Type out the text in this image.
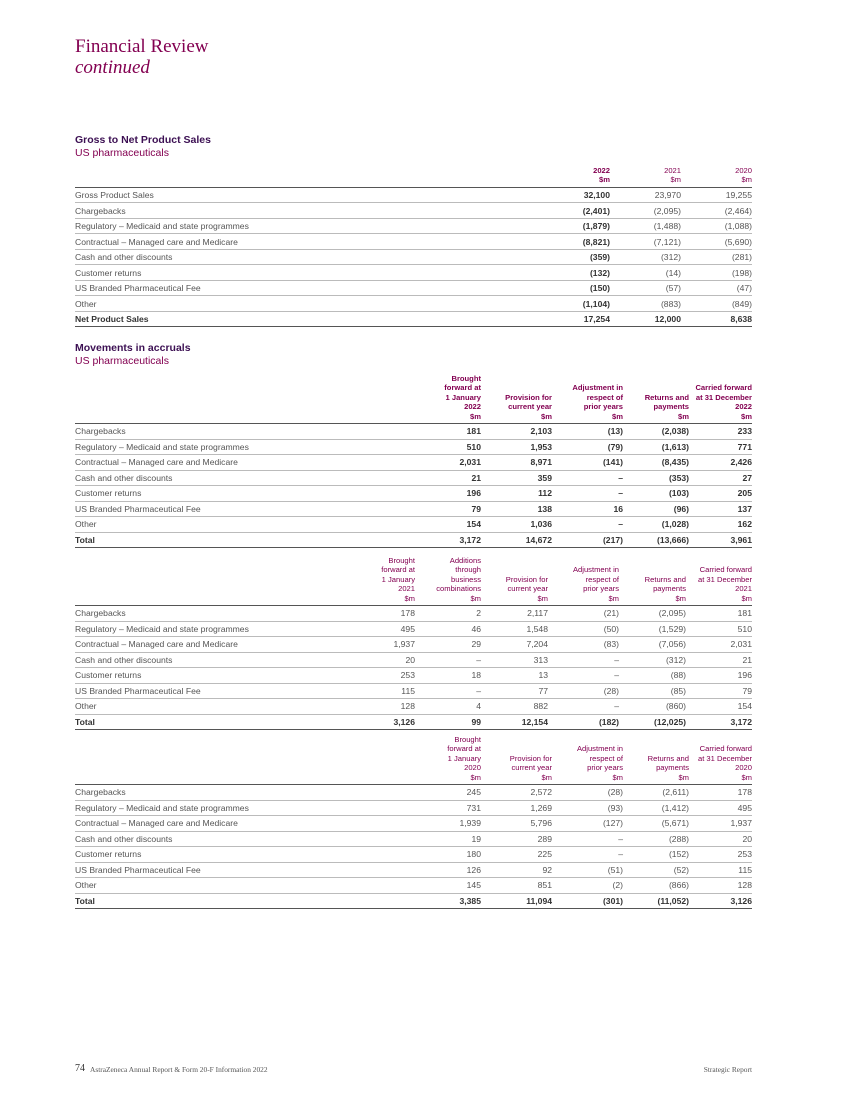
Financial Review
continued
Gross to Net Product Sales
US pharmaceuticals
	2022
$m	2021
$m	2020
$m
Gross Product Sales	32,100	23,970	19,255
Chargebacks	(2,401)	(2,095)	(2,464)
Regulatory – Medicaid and state programmes	(1,879)	(1,488)	(1,088)
Contractual – Managed care and Medicare	(8,821)	(7,121)	(5,690)
Cash and other discounts	(359)	(312)	(281)
Customer returns	(132)	(14)	(198)
US Branded Pharmaceutical Fee	(150)	(57)	(47)
Other	(1,104)	(883)	(849)
Net Product Sales	17,254	12,000	8,638
Movements in accruals
US pharmaceuticals
	Brought
forward at
1 January
2022
$m	Provision for
current year
$m	Adjustment in
respect of
prior years
$m	Returns and
payments
$m	Carried forward
at 31 December
2022
$m
Chargebacks	181	2,103	(13)	(2,038)	233
Regulatory – Medicaid and state programmes	510	1,953	(79)	(1,613)	771
Contractual – Managed care and Medicare	2,031	8,971	(141)	(8,435)	2,426
Cash and other discounts	21	359	–	(353)	27
Customer returns	196	112	–	(103)	205
US Branded Pharmaceutical Fee	79	138	16	(96)	137
Other	154	1,036	–	(1,028)	162
Total	3,172	14,672	(217)	(13,666)	3,961
	Brought
forward at
1 January
2021
$m	Additions
through
business
combinations
$m	Provision for
current year
$m	Adjustment in
respect of
prior years
$m	Returns and
payments
$m	Carried forward
at 31 December
2021
$m
Chargebacks	178	2	2,117	(21)	(2,095)	181
Regulatory – Medicaid and state programmes	495	46	1,548	(50)	(1,529)	510
Contractual – Managed care and Medicare	1,937	29	7,204	(83)	(7,056)	2,031
Cash and other discounts	20	–	313	–	(312)	21
Customer returns	253	18	13	–	(88)	196
US Branded Pharmaceutical Fee	115	–	77	(28)	(85)	79
Other	128	4	882	–	(860)	154
Total	3,126	99	12,154	(182)	(12,025)	3,172
	Brought
forward at
1 January
2020
$m	Provision for
current year
$m	Adjustment in
respect of
prior years
$m	Returns and
payments
$m	Carried forward
at 31 December
2020
$m
Chargebacks	245	2,572	(28)	(2,611)	178
Regulatory – Medicaid and state programmes	731	1,269	(93)	(1,412)	495
Contractual – Managed care and Medicare	1,939	5,796	(127)	(5,671)	1,937
Cash and other discounts	19	289	–	(288)	20
Customer returns	180	225	–	(152)	253
US Branded Pharmaceutical Fee	126	92	(51)	(52)	115
Other	145	851	(2)	(866)	128
Total	3,385	11,094	(301)	(11,052)	3,126
74 AstraZeneca Annual Report & Form 20-F Information 2022	Strategic Report
